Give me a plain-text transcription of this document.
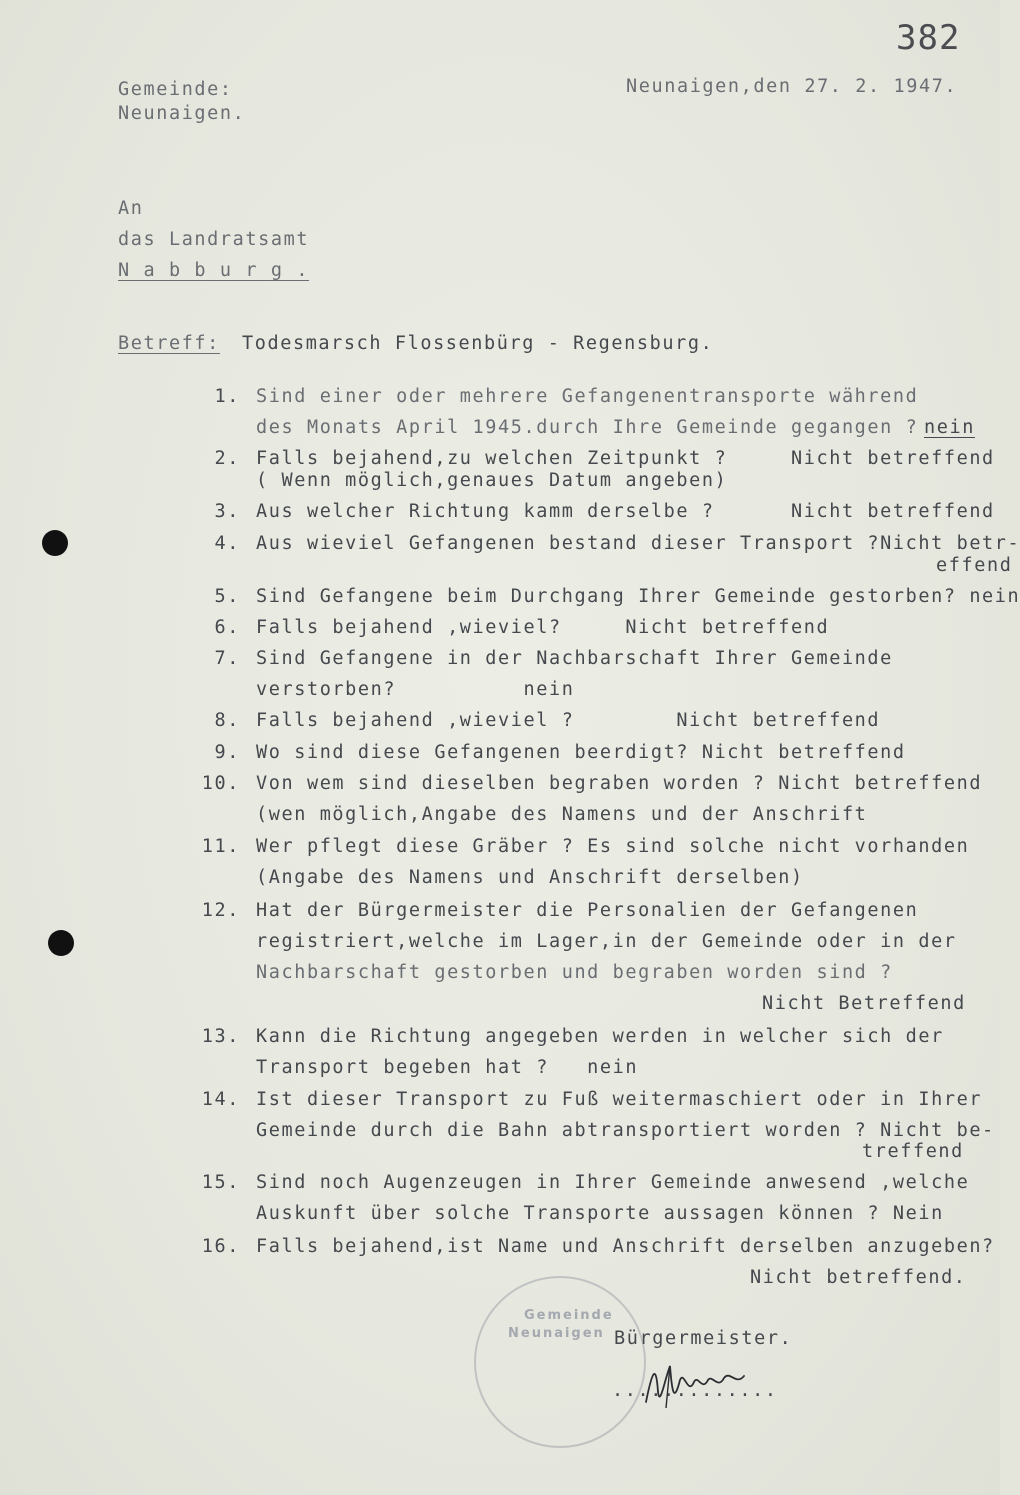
382
Gemeinde:
Neunaigen.
Neunaigen,den 27. 2. 1947.
An
das Landratsamt
N a b b u r g .
Betreff: Todesmarsch Flossenbürg - Regensburg.
1. Sind einer oder mehrere Gefangenentransporte während
des Monats April 1945.durch Ihre Gemeinde gegangen ? nein
2. Falls bejahend,zu welchen Zeitpunkt ?     Nicht betreffend
( Wenn möglich,genaues Datum angeben)
3. Aus welcher Richtung kamm derselbe ?      Nicht betreffend
4. Aus wieviel Gefangenen bestand dieser Transport ?Nicht betr-
effend
5. Sind Gefangene beim Durchgang Ihrer Gemeinde gestorben? nein
6. Falls bejahend ,wieviel?     Nicht betreffend
7. Sind Gefangene in der Nachbarschaft Ihrer Gemeinde
verstorben?          nein
8. Falls bejahend ,wieviel ?        Nicht betreffend
9. Wo sind diese Gefangenen beerdigt? Nicht betreffend
10. Von wem sind dieselben begraben worden ? Nicht betreffend
(wen möglich,Angabe des Namens und der Anschrift
11. Wer pflegt diese Gräber ? Es sind solche nicht vorhanden
(Angabe des Namens und Anschrift derselben)
12. Hat der Bürgermeister die Personalien der Gefangenen
registriert,welche im Lager,in der Gemeinde oder in der
Nachbarschaft gestorben und begraben worden sind ?
Nicht Betreffend
13. Kann die Richtung angegeben werden in welcher sich der
Transport begeben hat ?   nein
14. Ist dieser Transport zu Fuß weitermaschiert oder in Ihrer
Gemeinde durch die Bahn abtransportiert worden ? Nicht be-
treffend
15. Sind noch Augenzeugen in Ihrer Gemeinde anwesend ,welche
Auskunft über solche Transporte aussagen können ? Nein
16. Falls bejahend,ist Name und Anschrift derselben anzugeben?
Nicht betreffend.
Gemeinde
Neunaigen Bürgermeister.
.............
